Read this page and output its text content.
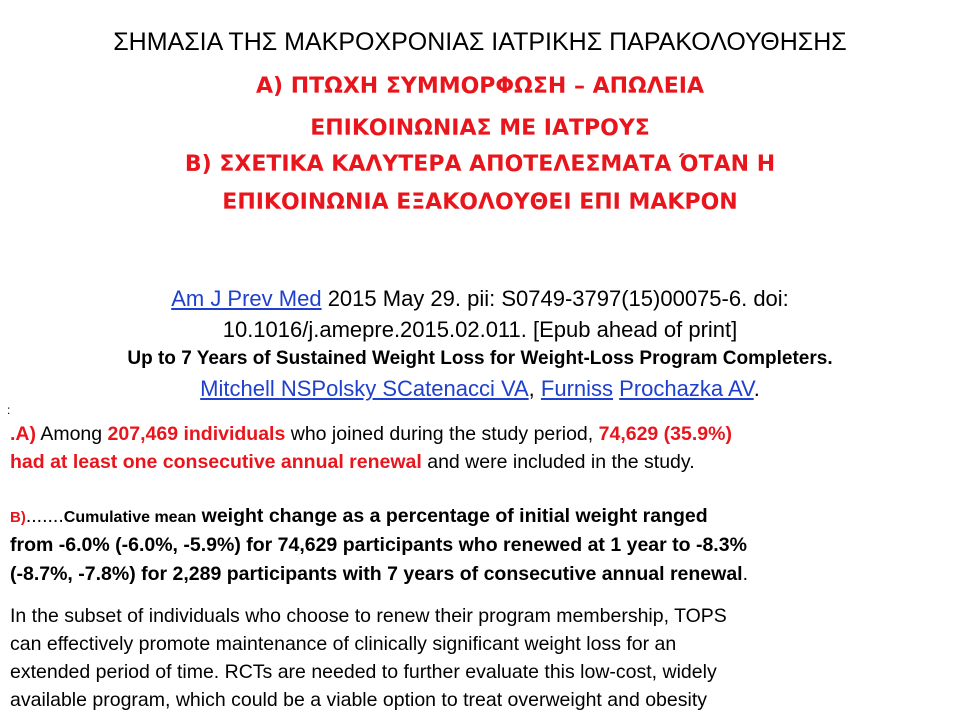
ΣΗΜΑΣΙΑ ΤΗΣ ΜΑΚΡΟΧΡΟΝΙΑΣ ΙΑΤΡΙΚΗΣ ΠΑΡΑΚΟΛΟΥΘΗΣΗΣ
Α) ΠΤΩΧΗ ΣΥΜΜΟΡΦΩΣΗ – ΑΠΩΛΕΙΑ
ΕΠΙΚΟΙΝΩΝΙΑΣ ΜΕ ΙΑΤΡΟΥΣ
Β) ΣΧΕΤΙΚΑ ΚΑΛΥΤΕΡΑ ΑΠΟΤΕΛΕΣΜΑΤΑ ΌΤΑΝ Η
ΕΠΙΚΟΙΝΩΝΙΑ ΕΞΑΚΟΛΟΥΘΕΙ ΕΠΙ ΜΑΚΡΟΝ
Am J Prev Med 2015 May 29. pii: S0749-3797(15)00075-6. doi:
10.1016/j.amepre.2015.02.011. [Epub ahead of print]
Up to 7 Years of Sustained Weight Loss for Weight-Loss Program Completers.
Mitchell NSPolsky SCatenacci VA, Furniss Prochazka AV.
:
.A) Among 207,469 individuals who joined during the study period, 74,629 (35.9%)
had at least one consecutive annual renewal and were included in the study.
B).......Cumulative mean weight change as a percentage of initial weight ranged
from -6.0% (-6.0%, -5.9%) for 74,629 participants who renewed at 1 year to -8.3%
(-8.7%, -7.8%) for 2,289 participants with 7 years of consecutive annual renewal.
In the subset of individuals who choose to renew their program membership, TOPS
can effectively promote maintenance of clinically significant weight loss for an
extended period of time. RCTs are needed to further evaluate this low-cost, widely
available program, which could be a viable option to treat overweight and obesity
